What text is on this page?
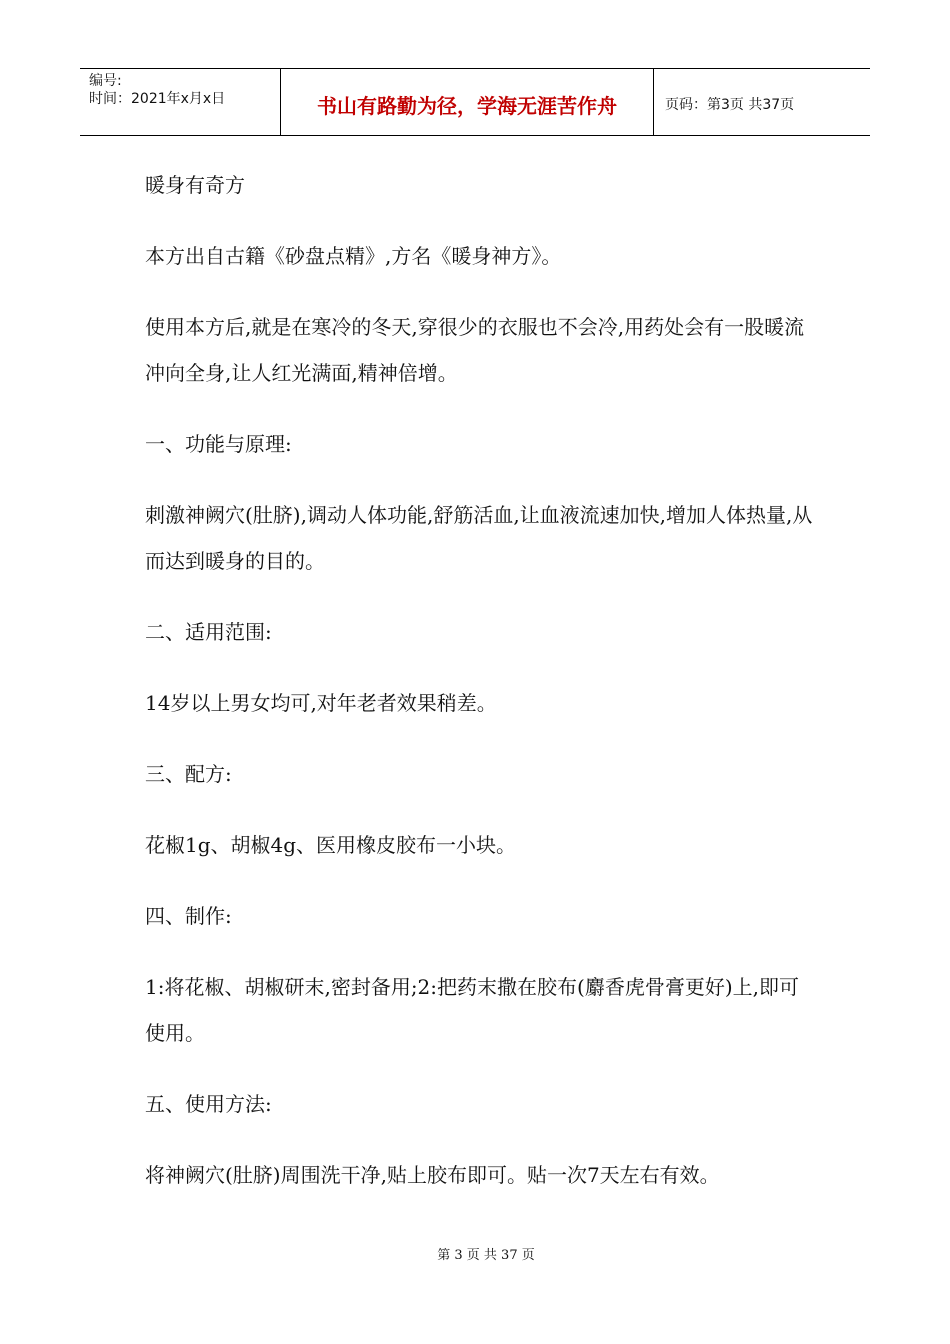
编号:
时间：2021年x月x日	书山有路勤为径，学海无涯苦作舟	页码：第3页 共37页

暖身有奇方

本方出自古籍《砂盘点精》,方名《暖身神方》。

使用本方后,就是在寒冷的冬天,穿很少的衣服也不会冷,用药处会有一股暖流冲向全身,让人红光满面,精神倍增。

一、功能与原理:

刺激神阙穴(肚脐),调动人体功能,舒筋活血,让血液流速加快,增加人体热量,从而达到暖身的目的。

二、适用范围:

14岁以上男女均可,对年老者效果稍差。

三、配方:

花椒1g、胡椒4g、医用橡皮胶布一小块。

四、制作:

1:将花椒、胡椒研末,密封备用;2:把药末撒在胶布(麝香虎骨膏更好)上,即可使用。

五、使用方法:

将神阙穴(肚脐)周围洗干净,贴上胶布即可。贴一次7天左右有效。

第 3 页 共 37 页
